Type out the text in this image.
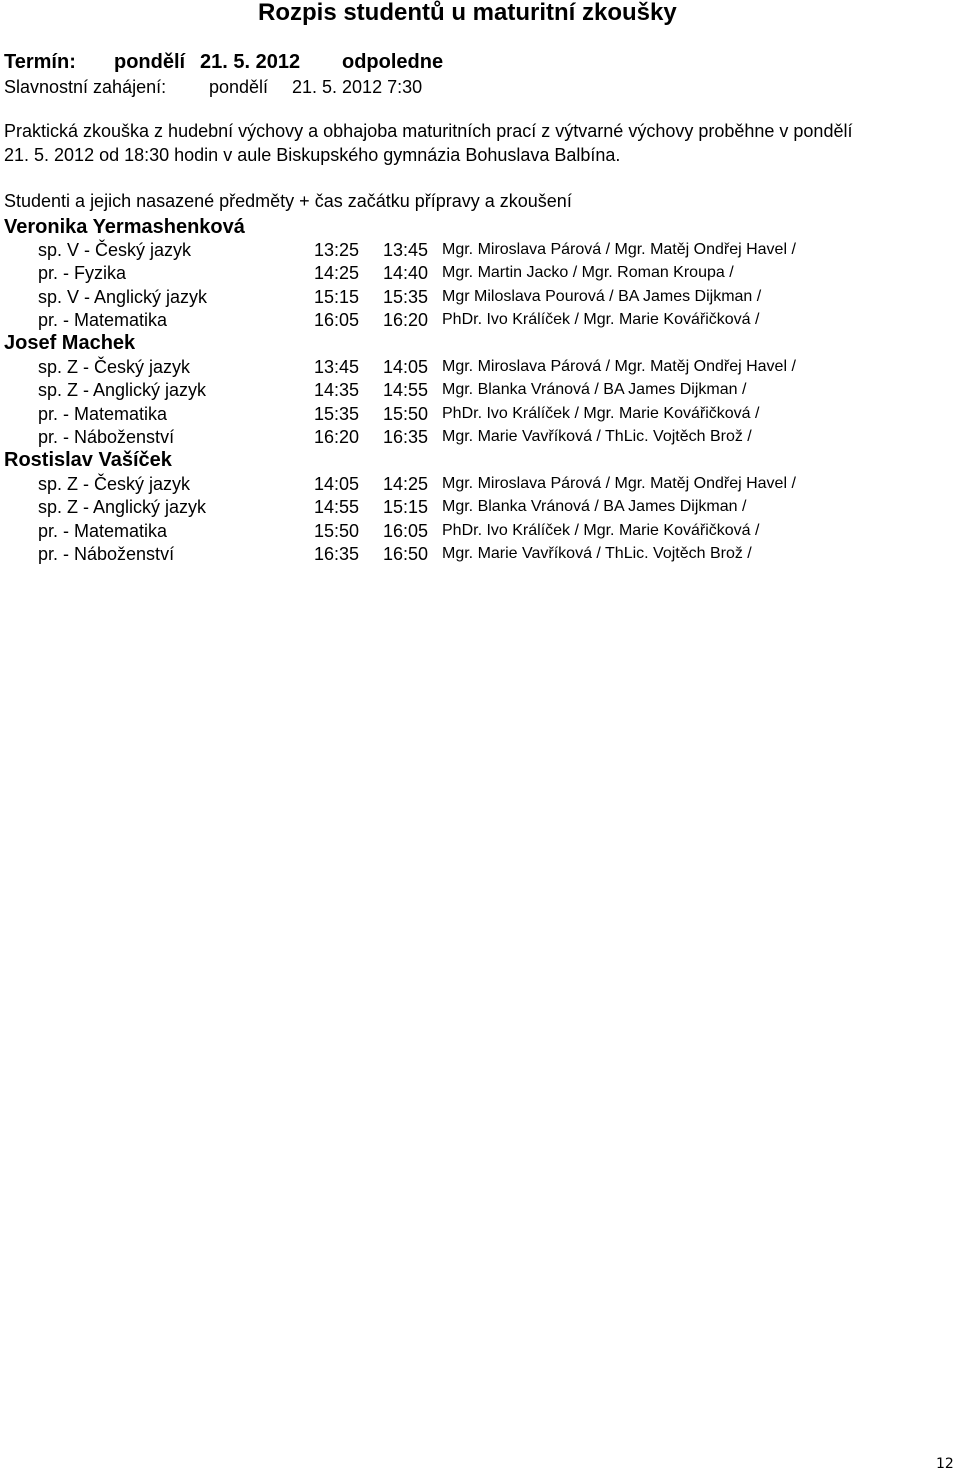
Rozpis studentů u maturitní zkoušky
Termín: pondělí 21. 5. 2012 odpoledne
Slavnostní zahájení: pondělí 21. 5. 2012 7:30
Praktická zkouška z hudební výchovy a obhajoba maturitních prací z výtvarné výchovy proběhne v pondělí
21. 5. 2012 od 18:30 hodin v aule Biskupského gymnázia Bohuslava Balbína.
Studenti a jejich nasazené předměty + čas začátku přípravy a zkoušení
Veronika Yermashenková
sp. V - Český jazyk	13:25 13:45 Mgr. Miroslava Párová / Mgr. Matěj Ondřej Havel /
pr. - Fyzika	14:25 14:40 Mgr. Martin Jacko / Mgr. Roman Kroupa /
sp. V - Anglický jazyk	15:15 15:35 Mgr Miloslava Pourová / BA James Dijkman /
pr. - Matematika	16:05 16:20 PhDr. Ivo Králíček / Mgr. Marie Kovářičková /
Josef Machek
sp. Z - Český jazyk	13:45 14:05 Mgr. Miroslava Párová / Mgr. Matěj Ondřej Havel /
sp. Z - Anglický jazyk	14:35 14:55 Mgr. Blanka Vránová / BA James Dijkman /
pr. - Matematika	15:35 15:50 PhDr. Ivo Králíček / Mgr. Marie Kovářičková /
pr. - Náboženství	16:20 16:35 Mgr. Marie Vavříková / ThLic. Vojtěch Brož /
Rostislav Vašíček
sp. Z - Český jazyk	14:05 14:25 Mgr. Miroslava Párová / Mgr. Matěj Ondřej Havel /
sp. Z - Anglický jazyk	14:55 15:15 Mgr. Blanka Vránová / BA James Dijkman /
pr. - Matematika	15:50 16:05 PhDr. Ivo Králíček / Mgr. Marie Kovářičková /
pr. - Náboženství	16:35 16:50 Mgr. Marie Vavříková / ThLic. Vojtěch Brož /
12
